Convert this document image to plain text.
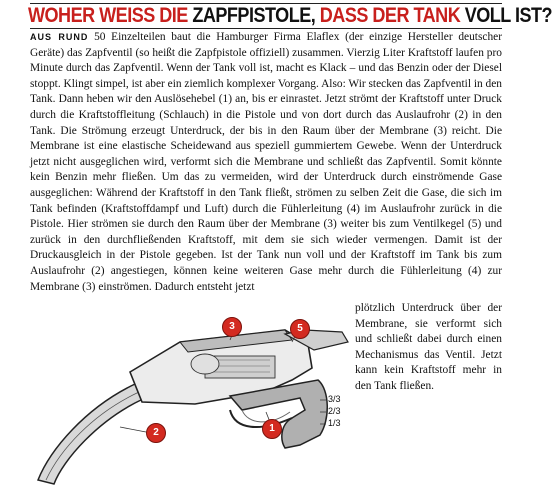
WOHER WEISS DIE ZAPFPISTOLE, DASS DER TANK VOLL IST?

AUS RUND 50 Einzelteilen baut die Hamburger Firma Elaflex (der einzige Hersteller deutscher Geräte) das Zapfventil (so heißt die Zapfpistole offiziell) zusammen. Vierzig Liter Kraftstoff laufen pro Minute durch das Zapfventil. Wenn der Tank voll ist, macht es Klack – und das Benzin oder der Diesel stoppt. Klingt simpel, ist aber ein ziemlich komplexer Vorgang. Also: Wir stecken das Zapfventil in den Tank. Dann heben wir den Auslösehebel (1) an, bis er einrastet. Jetzt strömt der Kraftstoff unter Druck durch die Kraftstoffleitung (Schlauch) in die Pistole und von dort durch das Auslaufrohr (2) in den Tank. Die Strömung erzeugt Unterdruck, der bis in den Raum über der Membrane (3) reicht. Die Membrane ist eine elastische Scheidewand aus speziell gummiertem Gewebe. Wenn der Unterdruck jetzt nicht ausgeglichen wird, verformt sich die Membrane und schließt das Zapfventil. Somit könnte kein Benzin mehr fließen. Um das zu vermeiden, wird der Unterdruck durch einströmende Gase ausgeglichen: Während der Kraftstoff in den Tank fließt, strömen zu selben Zeit die Gase, die sich im Tank befinden (Kraftstoffdampf und Luft) durch die Fühlerleitung (4) im Auslaufrohr zurück in die Pistole. Hier strömen sie durch den Raum über der Membrane (3) weiter bis zum Ventilkegel (5) und zurück in den durchfließenden Kraftstoff, mit dem sie sich wieder vermengen. Damit ist der Druckausgleich in der Pistole gegeben. Ist der Tank nun voll und der Kraftstoff im Tank bis zum Auslaufrohr (2) angestiegen, können keine weiteren Gase mehr durch die Fühlerleitung (4) zur Membrane (3) einströmen. Dadurch entsteht jetzt

3	5
2	1
3/3
2/3
1/3

plötzlich Unterdruck über der Membrane, sie verformt sich und schließt dabei durch einen Mechanismus das Ventil. Jetzt kann kein Kraftstoff mehr in den Tank fließen.
